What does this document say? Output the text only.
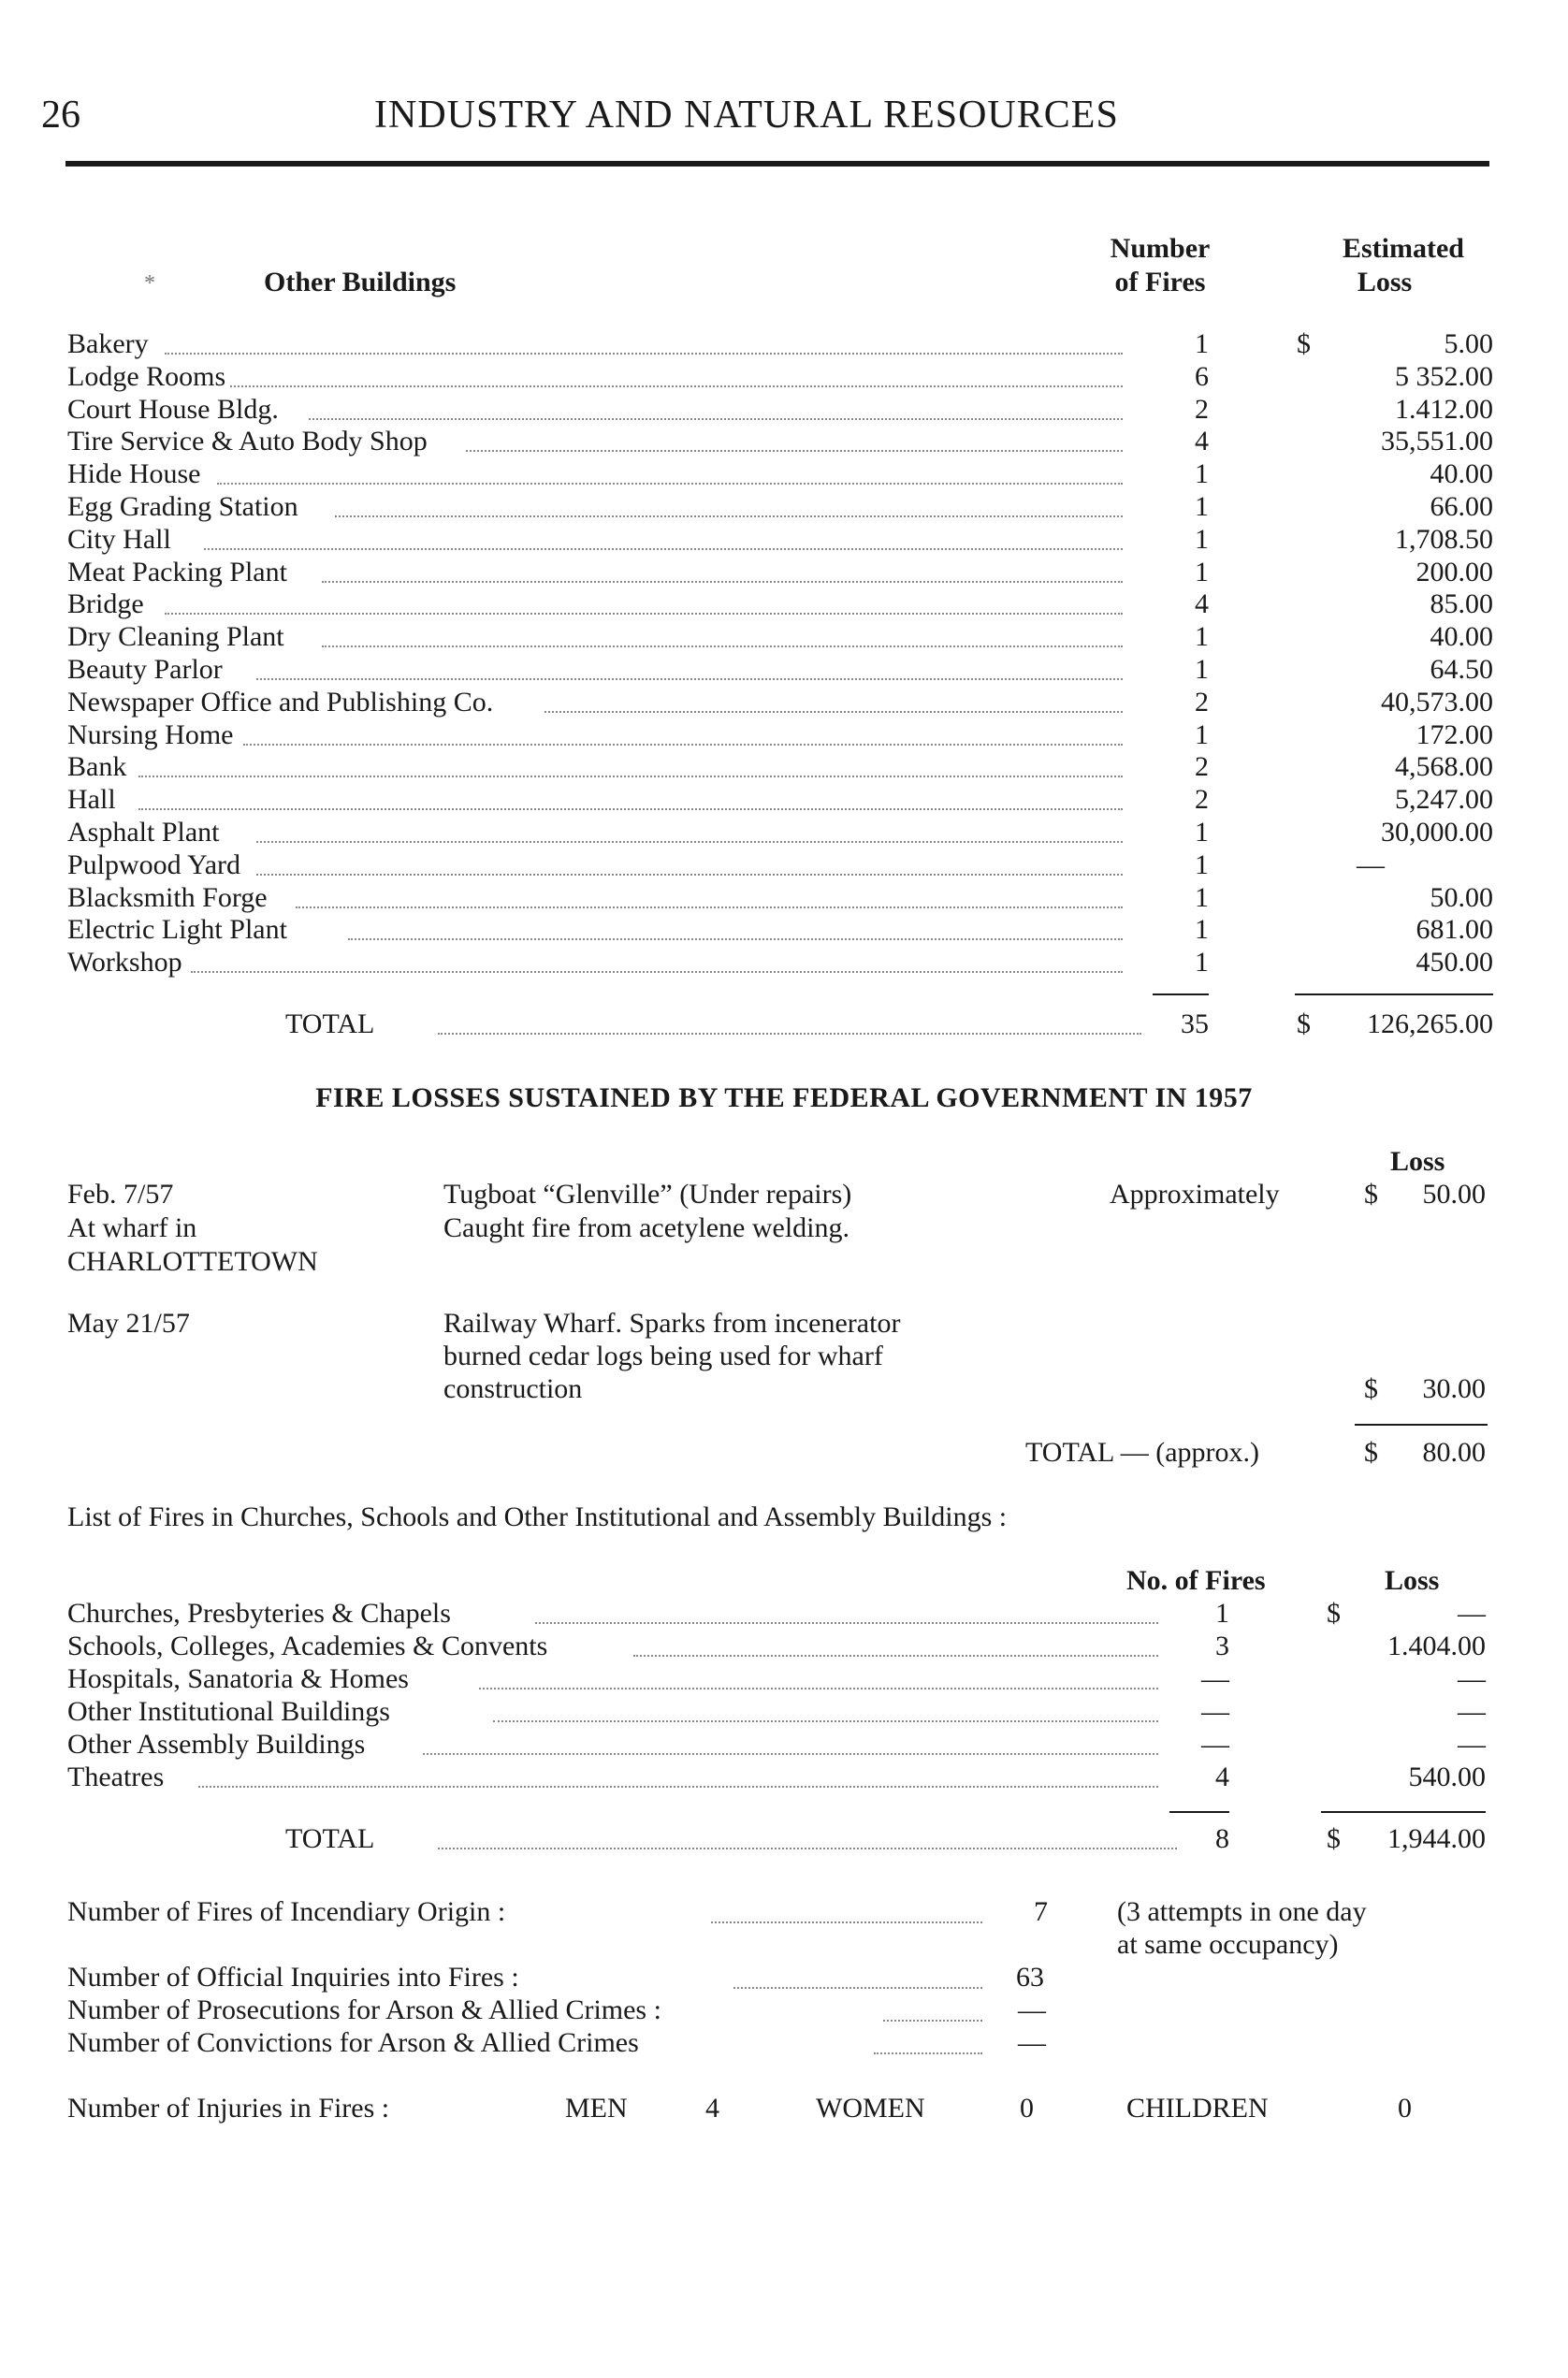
26	INDUSTRY AND NATURAL RESOURCES
*	Other Buildings
Number
of Fires
Estimated
Loss
Bakery	1	$	5.00
Lodge Rooms	6	5 352.00
Court House Bldg.	2	1.412.00
Tire Service & Auto Body Shop	4	35,551.00
Hide House	1	40.00
Egg Grading Station	1	66.00
City Hall	1	1,708.50
Meat Packing Plant	1	200.00
Bridge	4	85.00
Dry Cleaning Plant	1	40.00
Beauty Parlor	1	64.50
Newspaper Office and Publishing Co.	2	40,573.00
Nursing Home	1	172.00
Bank	2	4,568.00
Hall	2	5,247.00
Asphalt Plant	1	30,000.00
Pulpwood Yard	1	—
Blacksmith Forge	1	50.00
Electric Light Plant	1	681.00
Workshop	1	450.00
TOTAL	35	$	126,265.00
FIRE LOSSES SUSTAINED BY THE FEDERAL GOVERNMENT IN 1957
Loss
Feb. 7/57
At wharf in
CHARLOTTETOWN
Tugboat “Glenville” (Under repairs)
Caught fire from acetylene welding.
Approximately	$	50.00
May 21/57	Railway Wharf. Sparks from incenerator
burned cedar logs being used for wharf
construction	$	30.00
TOTAL — (approx.)	$	80.00
List of Fires in Churches, Schools and Other Institutional and Assembly Buildings :
No. of Fires	Loss
Churches, Presbyteries & Chapels	1	$	—
Schools, Colleges, Academies & Convents	3	1.404.00
Hospitals, Sanatoria & Homes	—	—
Other Institutional Buildings	—	—
Other Assembly Buildings	—	—
Theatres	4	540.00
TOTAL	8	$	1,944.00
Number of Fires of Incendiary Origin :	7 (3 attempts in one day
at same occupancy)
Number of Official Inquiries into Fires :	63
Number of Prosecutions for Arson & Allied Crimes :	—
Number of Convictions for Arson & Allied Crimes	—
Number of Injuries in Fires :	MEN	4	WOMEN	0	CHILDREN	0
